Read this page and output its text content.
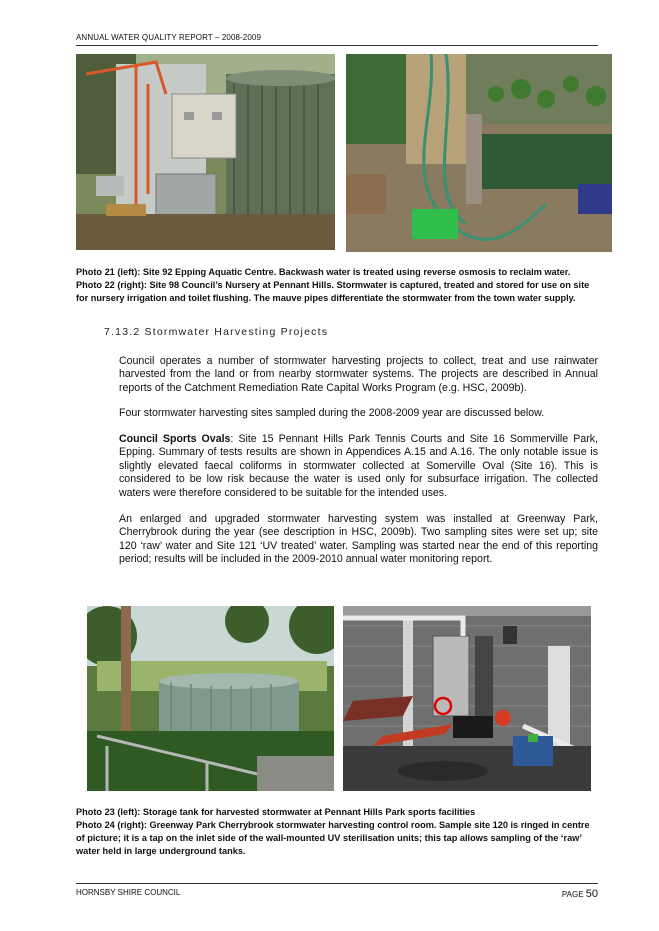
ANNUAL WATER QUALITY REPORT – 2008-2009

Photo 21 (left): Site 92 Epping Aquatic Centre. Backwash water is treated using reverse osmosis to reclaim water.

Photo 22 (right): Site 98 Council’s Nursery at Pennant Hills. Stormwater is captured, treated and stored for use on site for nursery irrigation and toilet flushing. The mauve pipes differentiate the stormwater from the town water supply.

7.13.2 Stormwater Harvesting Projects

Council operates a number of stormwater harvesting projects to collect, treat and use rainwater harvested from the land or from nearby stormwater systems. The projects are described in Annual reports of the Catchment Remediation Rate Capital Works Program (e.g. HSC, 2009b).

Four stormwater harvesting sites sampled during the 2008-2009 year are discussed below.

Council Sports Ovals: Site 15 Pennant Hills Park Tennis Courts and Site 16 Sommerville Park, Epping. Summary of tests results are shown in Appendices A.15 and A.16. The only notable issue is slightly elevated faecal coliforms in stormwater collected at Somerville Oval (Site 16). This is considered to be low risk because the water is used only for subsurface irrigation. The collected waters were therefore considered to be suitable for the intended uses.

An enlarged and upgraded stormwater harvesting system was installed at Greenway Park, Cherrybrook during the year (see description in HSC, 2009b). Two sampling sites were set up; site 120 ‘raw’ water and Site 121 ‘UV treated’ water. Sampling was started near the end of this reporting period; results will be included in the 2009-2010 annual water monitoring report.

Photo 23 (left): Storage tank for harvested stormwater at Pennant Hills Park sports facilities

Photo 24 (right): Greenway Park Cherrybrook stormwater harvesting control room. Sample site 120 is ringed in centre of picture; it is a tap on the inlet side of the wall-mounted UV sterilisation units; this tap allows sampling of the ‘raw’ water held in large underground tanks.

HORNSBY SHIRE COUNCIL	PAGE 50
